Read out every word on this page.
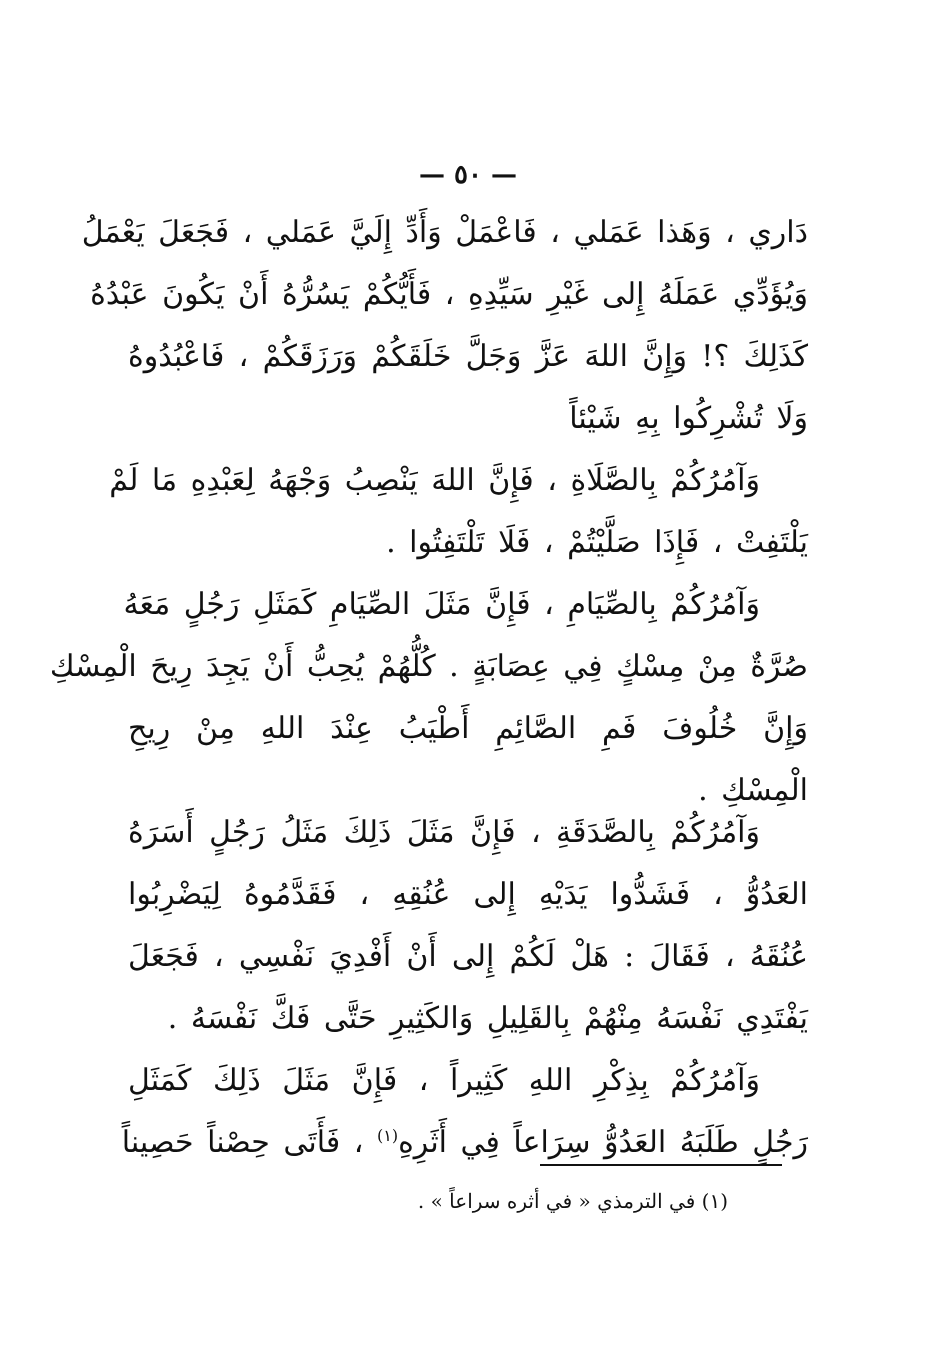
— ٥٠ —
دَاري ، وَهَذا عَمَلي ، فَاعْمَلْ وَأَدِّ إِلَيَّ عَمَلي ، فَجَعَلَ يَعْمَلُ
وَيُؤَدِّي عَمَلَهُ إِلى غَيْرِ سَيِّدِهِ ، فَأَيُّكُمْ يَسُرُّهُ أَنْ يَكُونَ عَبْدُهُ
كَذَلِكَ ؟! وَإِنَّ اللهَ عَزَّ وَجَلَّ خَلَقَكُمْ وَرَزَقَكُمْ ، فَاعْبُدُوهُ
وَلَا تُشْرِكُوا بِهِ شَيْئاً
وَآمُرُكُمْ بِالصَّلَاةِ ، فَإِنَّ اللهَ يَنْصِبُ وَجْهَهُ لِعَبْدِهِ مَا لَمْ
يَلْتَفِتْ ، فَإِذَا صَلَّيْتُمْ ، فَلَا تَلْتَفِتُوا .
وَآمُرُكُمْ بِالصِّيَامِ ، فَإِنَّ مَثَلَ الصِّيَامِ كَمَثَلِ رَجُلٍ مَعَهُ
صُرَّةٌ مِنْ مِسْكٍ فِي عِصَابَةٍ . كُلُّهُمْ يُحِبُّ أَنْ يَجِدَ رِيحَ الْمِسْكِ
وَإِنَّ خُلُوفَ فَمِ الصَّائِمِ أَطْيَبُ عِنْدَ اللهِ مِنْ رِيحِ
الْمِسْكِ .
وَآمُرُكُمْ بِالصَّدَقَةِ ، فَإِنَّ مَثَلَ ذَلِكَ مَثَلُ رَجُلٍ أَسَرَهُ
العَدُوُّ ، فَشَدُّوا يَدَيْهِ إِلى عُنُقِهِ ، فَقَدَّمُوهُ لِيَضْرِبُوا
عُنُقَهُ ، فَقَالَ : هَلْ لَكُمْ إِلى أَنْ أَفْدِيَ نَفْسِي ، فَجَعَلَ
يَفْتَدِي نَفْسَهُ مِنْهُمْ بِالقَلِيلِ وَالكَثِيرِ حَتَّى فَكَّ نَفْسَهُ .
وَآمُرُكُمْ بِذِكْرِ اللهِ كَثِيراً ، فَإِنَّ مَثَلَ ذَلِكَ كَمَثَلِ
رَجُلٍ طَلَبَهُ العَدُوُّ سِرَاعاً فِي أَثَرِهِ$^{(١)}$ ، فَأَتَى حِصْناً حَصِيناً
(١) في الترمذي « في أثره سراعاً » .
